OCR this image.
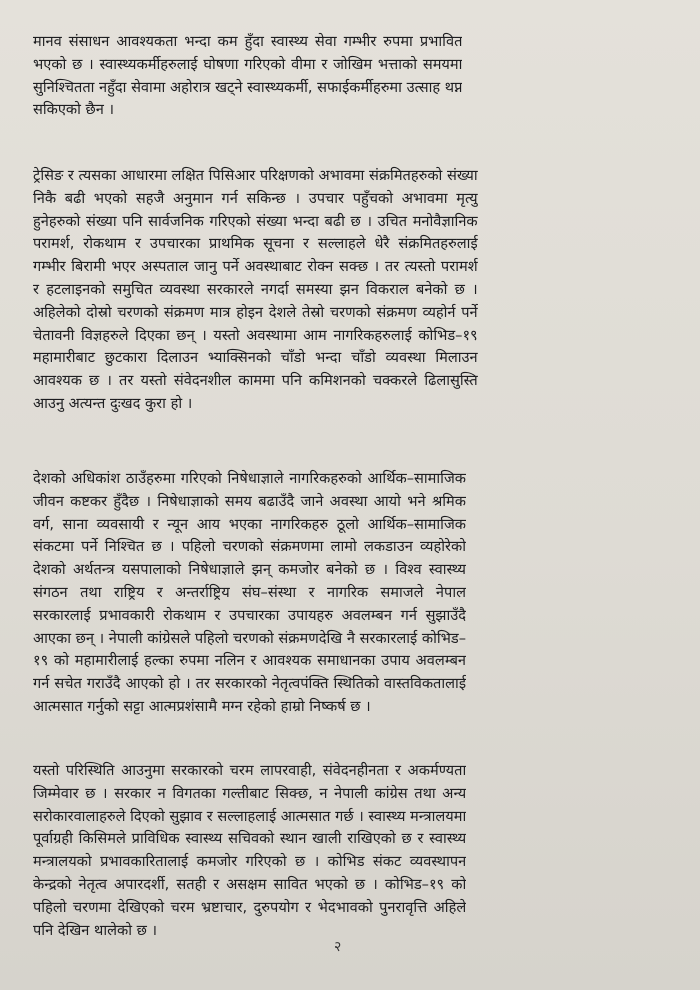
मानव संसाधन आवश्यकता भन्दा कम हुँदा स्वास्थ्य सेवा गम्भीर रुपमा प्रभावित
भएको छ । स्वास्थ्यकर्मीहरुलाई घोषणा गरिएको वीमा र जोखिम भत्ताको समयमा
सुनिश्चितता नहुँदा सेवामा अहोरात्र खट्ने स्वास्थ्यकर्मी, सफाईकर्मीहरुमा उत्साह थप्न
सकिएको छैन ।
ट्रेसिङ र त्यसका आधारमा लक्षित पिसिआर परिक्षणको अभावमा संक्रमितहरुको संख्या
निकै बढी भएको सहजै अनुमान गर्न सकिन्छ । उपचार पहुँचको अभावमा मृत्यु
हुनेहरुको संख्या पनि सार्वजनिक गरिएको संख्या भन्दा बढी छ । उचित मनोवैज्ञानिक
परामर्श, रोकथाम र उपचारका प्राथमिक सूचना र सल्लाहले धेरै संक्रमितहरुलाई
गम्भीर बिरामी भएर अस्पताल जानु पर्ने अवस्थाबाट रोक्न सक्छ । तर त्यस्तो परामर्श
र हटलाइनको समुचित व्यवस्था सरकारले नगर्दा समस्या झन विकराल बनेको छ ।
अहिलेको दोस्रो चरणको संक्रमण मात्र होइन देशले तेस्रो चरणको संक्रमण व्यहोर्न पर्ने
चेतावनी विज्ञहरुले दिएका छन् । यस्तो अवस्थामा आम नागरिकहरुलाई कोभिड–१९
महामारीबाट छुटकारा दिलाउन भ्याक्सिनको चाँडो भन्दा चाँडो व्यवस्था मिलाउन
आवश्यक छ । तर यस्तो संवेदनशील काममा पनि कमिशनको चक्करले ढिलासुस्ति
आउनु अत्यन्त दुःखद कुरा हो ।
देशको अधिकांश ठाउँहरुमा गरिएको निषेधाज्ञाले नागरिकहरुको आर्थिक–सामाजिक
जीवन कष्टकर हुँदैछ । निषेधाज्ञाको समय बढाउँदै जाने अवस्था आयो भने श्रमिक
वर्ग, साना व्यवसायी र न्यून आय भएका नागरिकहरु ठूलो आर्थिक–सामाजिक
संकटमा पर्ने निश्चित छ । पहिलो चरणको संक्रमणमा लामो लकडाउन व्यहोरेको
देशको अर्थतन्त्र यसपालाको निषेधाज्ञाले झन् कमजोर बनेको छ । विश्व स्वास्थ्य
संगठन तथा राष्ट्रिय र अन्तर्राष्ट्रिय संघ–संस्था र नागरिक समाजले नेपाल
सरकारलाई प्रभावकारी रोकथाम र उपचारका उपायहरु अवलम्बन गर्न सुझाउँदै
आएका छन् । नेपाली कांग्रेसले पहिलो चरणको संक्रमणदेखि नै सरकारलाई कोभिड–
१९ को महामारीलाई हल्का रुपमा नलिन र आवश्यक समाधानका उपाय अवलम्बन
गर्न सचेत गराउँदै आएको हो । तर सरकारको नेतृत्वपंक्ति स्थितिको वास्तविकतालाई
आत्मसात गर्नुको सट्टा आत्मप्रशंसामै मग्न रहेको हाम्रो निष्कर्ष छ ।
यस्तो परिस्थिति आउनुमा सरकारको चरम लापरवाही, संवेदनहीनता र अकर्मण्यता
जिम्मेवार छ । सरकार न विगतका गल्तीबाट सिक्छ, न नेपाली कांग्रेस तथा अन्य
सरोकारवालाहरुले दिएको सुझाव र सल्लाहलाई आत्मसात गर्छ । स्वास्थ्य मन्त्रालयमा
पूर्वाग्रही किसिमले प्राविधिक स्वास्थ्य सचिवको स्थान खाली राखिएको छ र स्वास्थ्य
मन्त्रालयको प्रभावकारितालाई कमजोर गरिएको छ । कोभिड संकट व्यवस्थापन
केन्द्रको नेतृत्व अपारदर्शी, सतही र असक्षम सावित भएको छ । कोभिड–१९ को
पहिलो चरणमा देखिएको चरम भ्रष्टाचार, दुरुपयोग र भेदभावको पुनरावृत्ति अहिले
पनि देखिन थालेको छ ।
२
